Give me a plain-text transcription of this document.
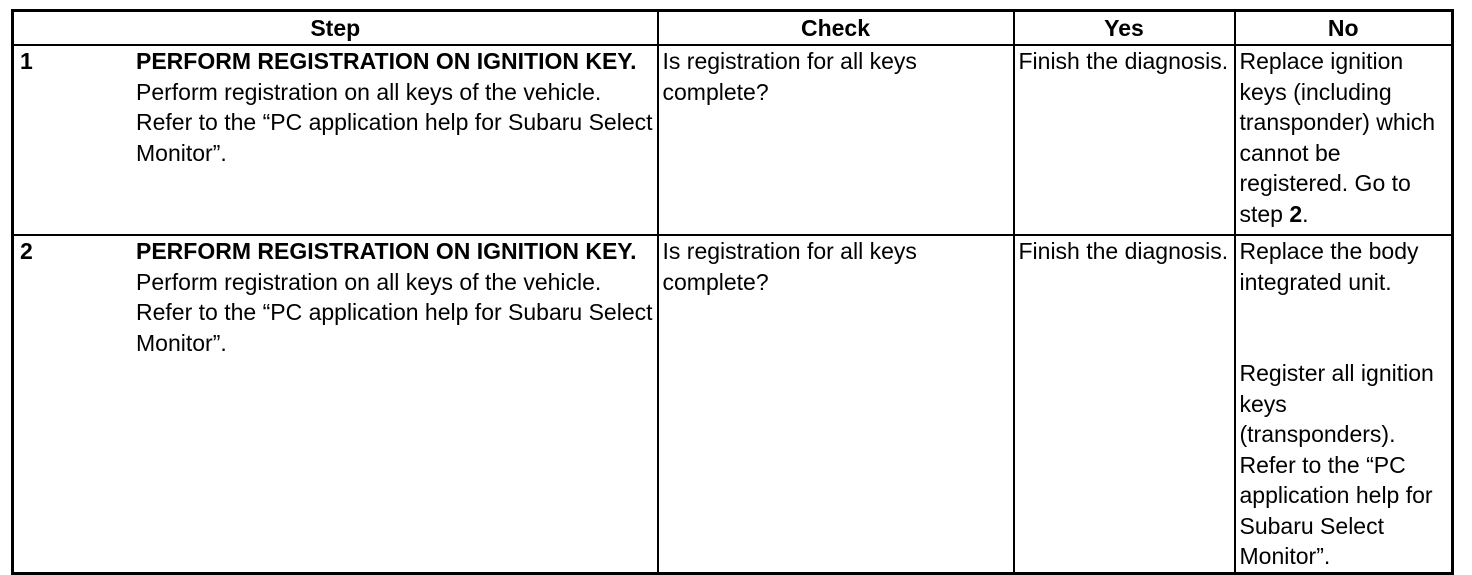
Step	Check	Yes	No

1 PERFORM REGISTRATION ON IGNITION KEY.
Perform registration on all keys of the vehicle. Refer to the “PC application help for Subaru Select Monitor”.	Is registration for all keys complete?	Finish the diagnosis.	Replace ignition keys (including transponder) which cannot be registered. Go to step 2.

2 PERFORM REGISTRATION ON IGNITION KEY.
Perform registration on all keys of the vehicle. Refer to the “PC application help for Subaru Select Monitor”.	Is registration for all keys complete?	Finish the diagnosis.	Replace the body integrated unit.
Register all ignition keys (transponders). Refer to the “PC application help for Subaru Select Monitor”.
